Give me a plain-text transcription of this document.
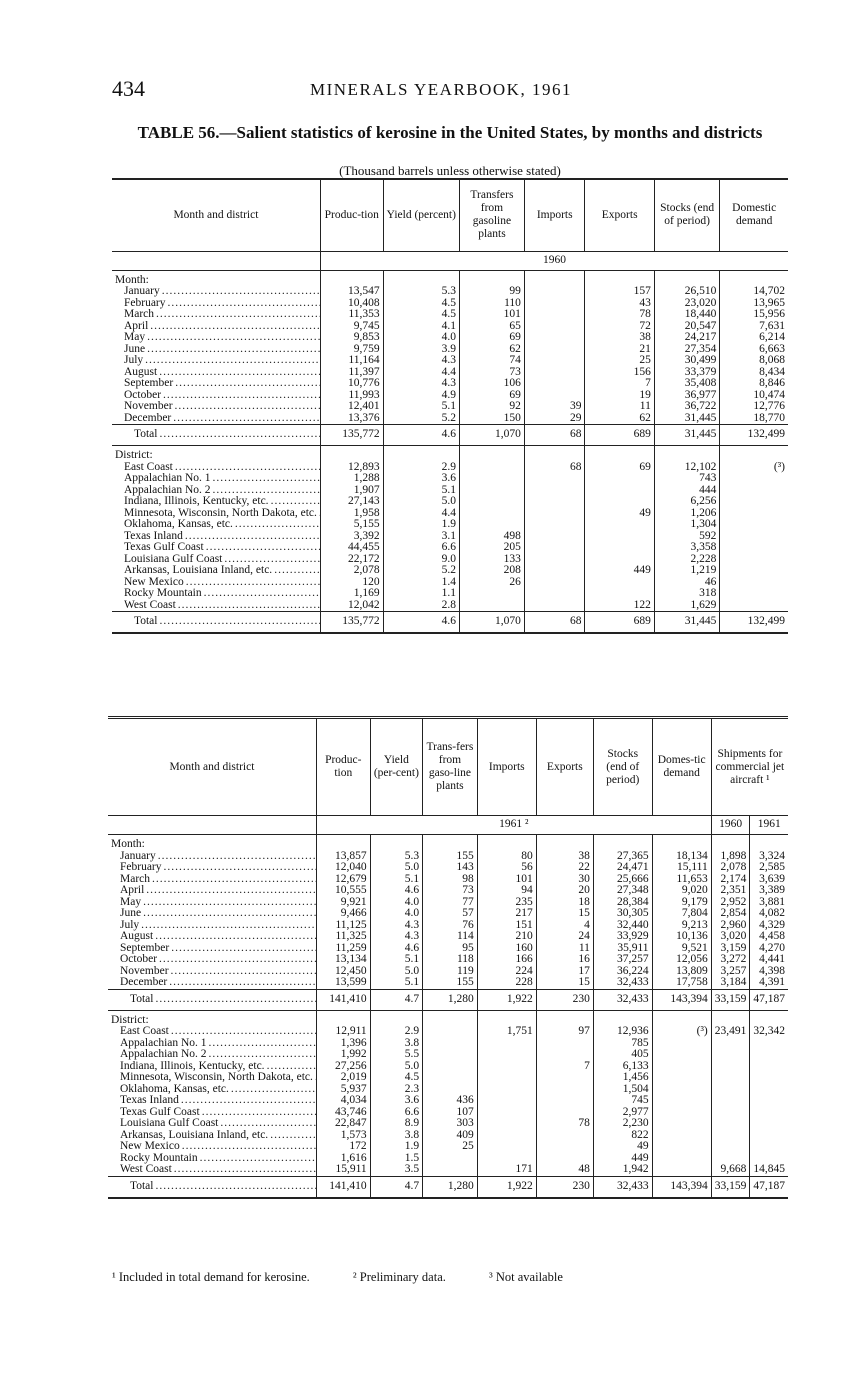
434	MINERALS YEARBOOK, 1961
TABLE 56.—Salient statistics of kerosine in the United States, by months and districts
(Thousand barrels unless otherwise stated)
Month and district	Produc-tion	Yield (percent)	Transfers from gasoline plants	Imports	Exports	Stocks (end of period)	Domestic demand
	1960						
Month:							
January .....	13,547	5.3	99		157	26,510	14,702
February .....	10,408	4.5	110		43	23,020	13,965
March .....	11,353	4.5	101		78	18,440	15,956
April .....	9,745	4.1	65		72	20,547	7,631
May .....	9,853	4.0	69		38	24,217	6,214
June .....	9,759	3.9	62		21	27,354	6,663
July .....	11,164	4.3	74		25	30,499	8,068
August .....	11,397	4.4	73		156	33,379	8,434
September .....	10,776	4.3	106		7	35,408	8,846
October .....	11,993	4.9	69		19	36,977	10,474
November .....	12,401	5.1	92	39	11	36,722	12,776
December .....	13,376	5.2	150	29	62	31,445	18,770
Total .....	135,772	4.6	1,070	68	689	31,445	132,499
District:							
East Coast .....	12,893	2.9		68	69	12,102	(³)
Appalachian No. 1 .....	1,288	3.6				743	
Appalachian No. 2 .....	1,907	5.1				444	
Indiana, Illinois, Kentucky, etc. .....	27,143	5.0				6,256	
Minnesota, Wisconsin, North Dakota, etc. .....	1,958	4.4			49	1,206	
Oklahoma, Kansas, etc. .....	5,155	1.9				1,304	
Texas Inland .....	3,392	3.1	498			592	
Texas Gulf Coast .....	44,455	6.6	205			3,358	
Louisiana Gulf Coast .....	22,172	9.0	133			2,228	
Arkansas, Louisiana Inland, etc. .....	2,078	5.2	208		449	1,219	
New Mexico .....	120	1.4	26			46	
Rocky Mountain .....	1,169	1.1				318	
West Coast .....	12,042	2.8			122	1,629	
Total .....	135,772	4.6	1,070	68	689	31,445	132,499
Month and district	Produc-tion	Yield (per-cent)	Trans-fers from gaso-line plants	Imports	Exports	Stocks (end of period)	Domes-tic demand	Shipments for commercial jet aircraft ¹	
	1961 ²							1960	1961
Month:									
January .....	13,857	5.3	155	80	38	27,365	18,134	1,898	3,324
February .....	12,040	5.0	143	56	22	24,471	15,111	2,078	2,585
March .....	12,679	5.1	98	101	30	25,666	11,653	2,174	3,639
April .....	10,555	4.6	73	94	20	27,348	9,020	2,351	3,389
May .....	9,921	4.0	77	235	18	28,384	9,179	2,952	3,881
June .....	9,466	4.0	57	217	15	30,305	7,804	2,854	4,082
July .....	11,125	4.3	76	151	4	32,440	9,213	2,960	4,329
August .....	11,325	4.3	114	210	24	33,929	10,136	3,020	4,458
September .....	11,259	4.6	95	160	11	35,911	9,521	3,159	4,270
October .....	13,134	5.1	118	166	16	37,257	12,056	3,272	4,441
November .....	12,450	5.0	119	224	17	36,224	13,809	3,257	4,398
December .....	13,599	5.1	155	228	15	32,433	17,758	3,184	4,391
Total .....	141,410	4.7	1,280	1,922	230	32,433	143,394	33,159	47,187
District:									
East Coast .....	12,911	2.9		1,751	97	12,936	(³)	23,491	32,342
Appalachian No. 1 .....	1,396	3.8				785			
Appalachian No. 2 .....	1,992	5.5				405			
Indiana, Illinois, Kentucky, etc. .....	27,256	5.0			7	6,133			
Minnesota, Wisconsin, North Dakota, etc. .....	2,019	4.5				1,456			
Oklahoma, Kansas, etc. .....	5,937	2.3				1,504			
Texas Inland .....	4,034	3.6	436			745			
Texas Gulf Coast .....	43,746	6.6	107			2,977			
Louisiana Gulf Coast .....	22,847	8.9	303		78	2,230			
Arkansas, Louisiana Inland, etc. .....	1,573	3.8	409			822			
New Mexico .....	172	1.9	25			49			
Rocky Mountain .....	1,616	1.5				449			
West Coast .....	15,911	3.5		171	48	1,942		9,668	14,845
Total .....	141,410	4.7	1,280	1,922	230	32,433	143,394	33,159	47,187
¹ Included in total demand for kerosine.	² Preliminary data.	³ Not available
